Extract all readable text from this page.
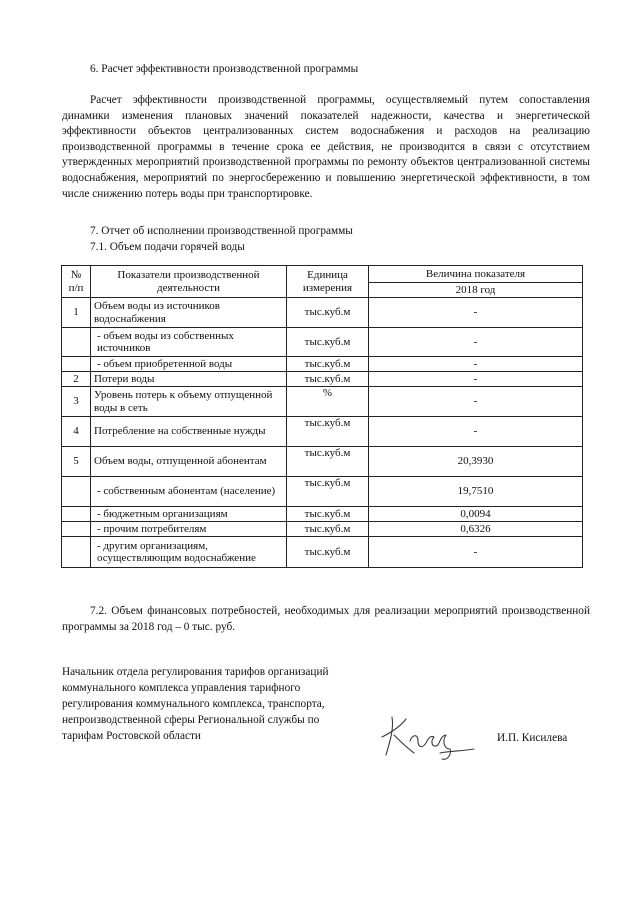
6. Расчет эффективности производственной программы
Расчет эффективности производственной программы, осуществляемый путем сопоставления динамики изменения плановых значений показателей надежности, качества и энергетической эффективности объектов централизованных систем водоснабжения и расходов на реализацию производственной программы в течение срока ее действия, не производится в связи с отсутствием утвержденных мероприятий производственной программы по ремонту объектов централизованной системы водоснабжения, мероприятий по энергосбережению и повышению энергетической эффективности, в том числе снижению потерь воды при транспортировке.
7. Отчет об исполнении производственной программы
7.1. Объем подачи горячей воды
№ п/п	Показатели производственной деятельности	Единица измерения	Величина показателя
			2018 год
1	Объем воды из источников водоснабжения	тыс.куб.м	-
	- объем воды из собственных источников	тыс.куб.м	-
	- объем приобретенной воды	тыс.куб.м	-
2	Потери воды	тыс.куб.м	-
3	Уровень потерь к объему отпущенной воды в сеть	%	-
4	Потребление на собственные нужды	тыс.куб.м	-
5	Объем воды, отпущенной абонентам	тыс.куб.м	20,3930
	- собственным абонентам (население)	тыс.куб.м	19,7510
	- бюджетным организациям	тыс.куб.м	0,0094
	- прочим потребителям	тыс.куб.м	0,6326
	- другим организациям, осуществляющим водоснабжение	тыс.куб.м	-
7.2. Объем финансовых потребностей, необходимых для реализации мероприятий производственной программы за 2018 год – 0 тыс. руб.
Начальник отдела регулирования тарифов организаций
коммунального комплекса управления тарифного
регулирования коммунального комплекса, транспорта,
непроизводственной сферы Региональной службы по
тарифам Ростовской области	И.П. Кисилева
